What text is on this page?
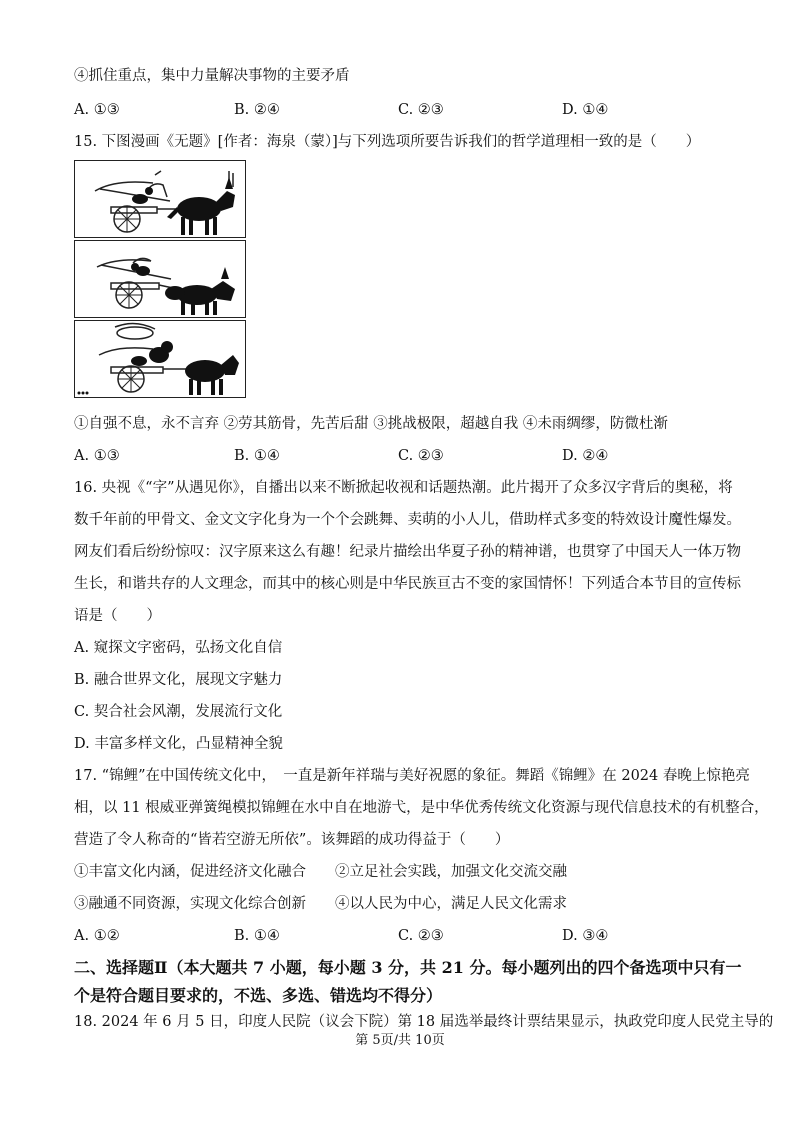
④抓住重点，集中力量解决事物的主要矛盾
A. ①③	B. ②④	C. ②③	D. ①④
15. 下图漫画《无题》[作者：海泉（蒙）]与下列选项所要告诉我们的哲学道理相一致的是（　　）
①自强不息，永不言弃 ②劳其筋骨，先苦后甜 ③挑战极限，超越自我 ④未雨绸缪，防微杜渐
A. ①③	B. ①④	C. ②③	D. ②④
16. 央视《“字”从遇见你》，自播出以来不断掀起收视和话题热潮。此片揭开了众多汉字背后的奥秘，将
数千年前的甲骨文、金文文字化身为一个个会跳舞、卖萌的小人儿，借助样式多变的特效设计魔性爆发。
网友们看后纷纷惊叹：汉字原来这么有趣！纪录片描绘出华夏子孙的精神谱，也贯穿了中国天人一体万物
生长，和谐共存的人文理念，而其中的核心则是中华民族亘古不变的家国情怀！下列适合本节目的宣传标
语是（　　）
A. 窥探文字密码，弘扬文化自信
B. 融合世界文化，展现文字魅力
C. 契合社会风潮，发展流行文化
D. 丰富多样文化，凸显精神全貌
17. “锦鲤”在中国传统文化中，　一直是新年祥瑞与美好祝愿的象征。舞蹈《锦鲤》在 2024 春晚上惊艳亮
相，以 11 根威亚弹簧绳模拟锦鲤在水中自在地游弋，是中华优秀传统文化资源与现代信息技术的有机整合，
营造了令人称奇的“皆若空游无所依”。该舞蹈的成功得益于（　　）
①丰富文化内涵，促进经济文化融合　　②立足社会实践，加强文化交流交融
③融通不同资源，实现文化综合创新　　④以人民为中心，满足人民文化需求
A. ①②	B. ①④	C. ②③	D. ③④
二、选择题Ⅱ（本大题共 7 小题，每小题 3 分，共 21 分。每小题列出的四个备选项中只有一
个是符合题目要求的，不选、多选、错选均不得分）
18. 2024 年 6 月 5 日，印度人民院（议会下院）第 18 届选举最终计票结果显示，执政党印度人民党主导的
第 5页/共 10页
